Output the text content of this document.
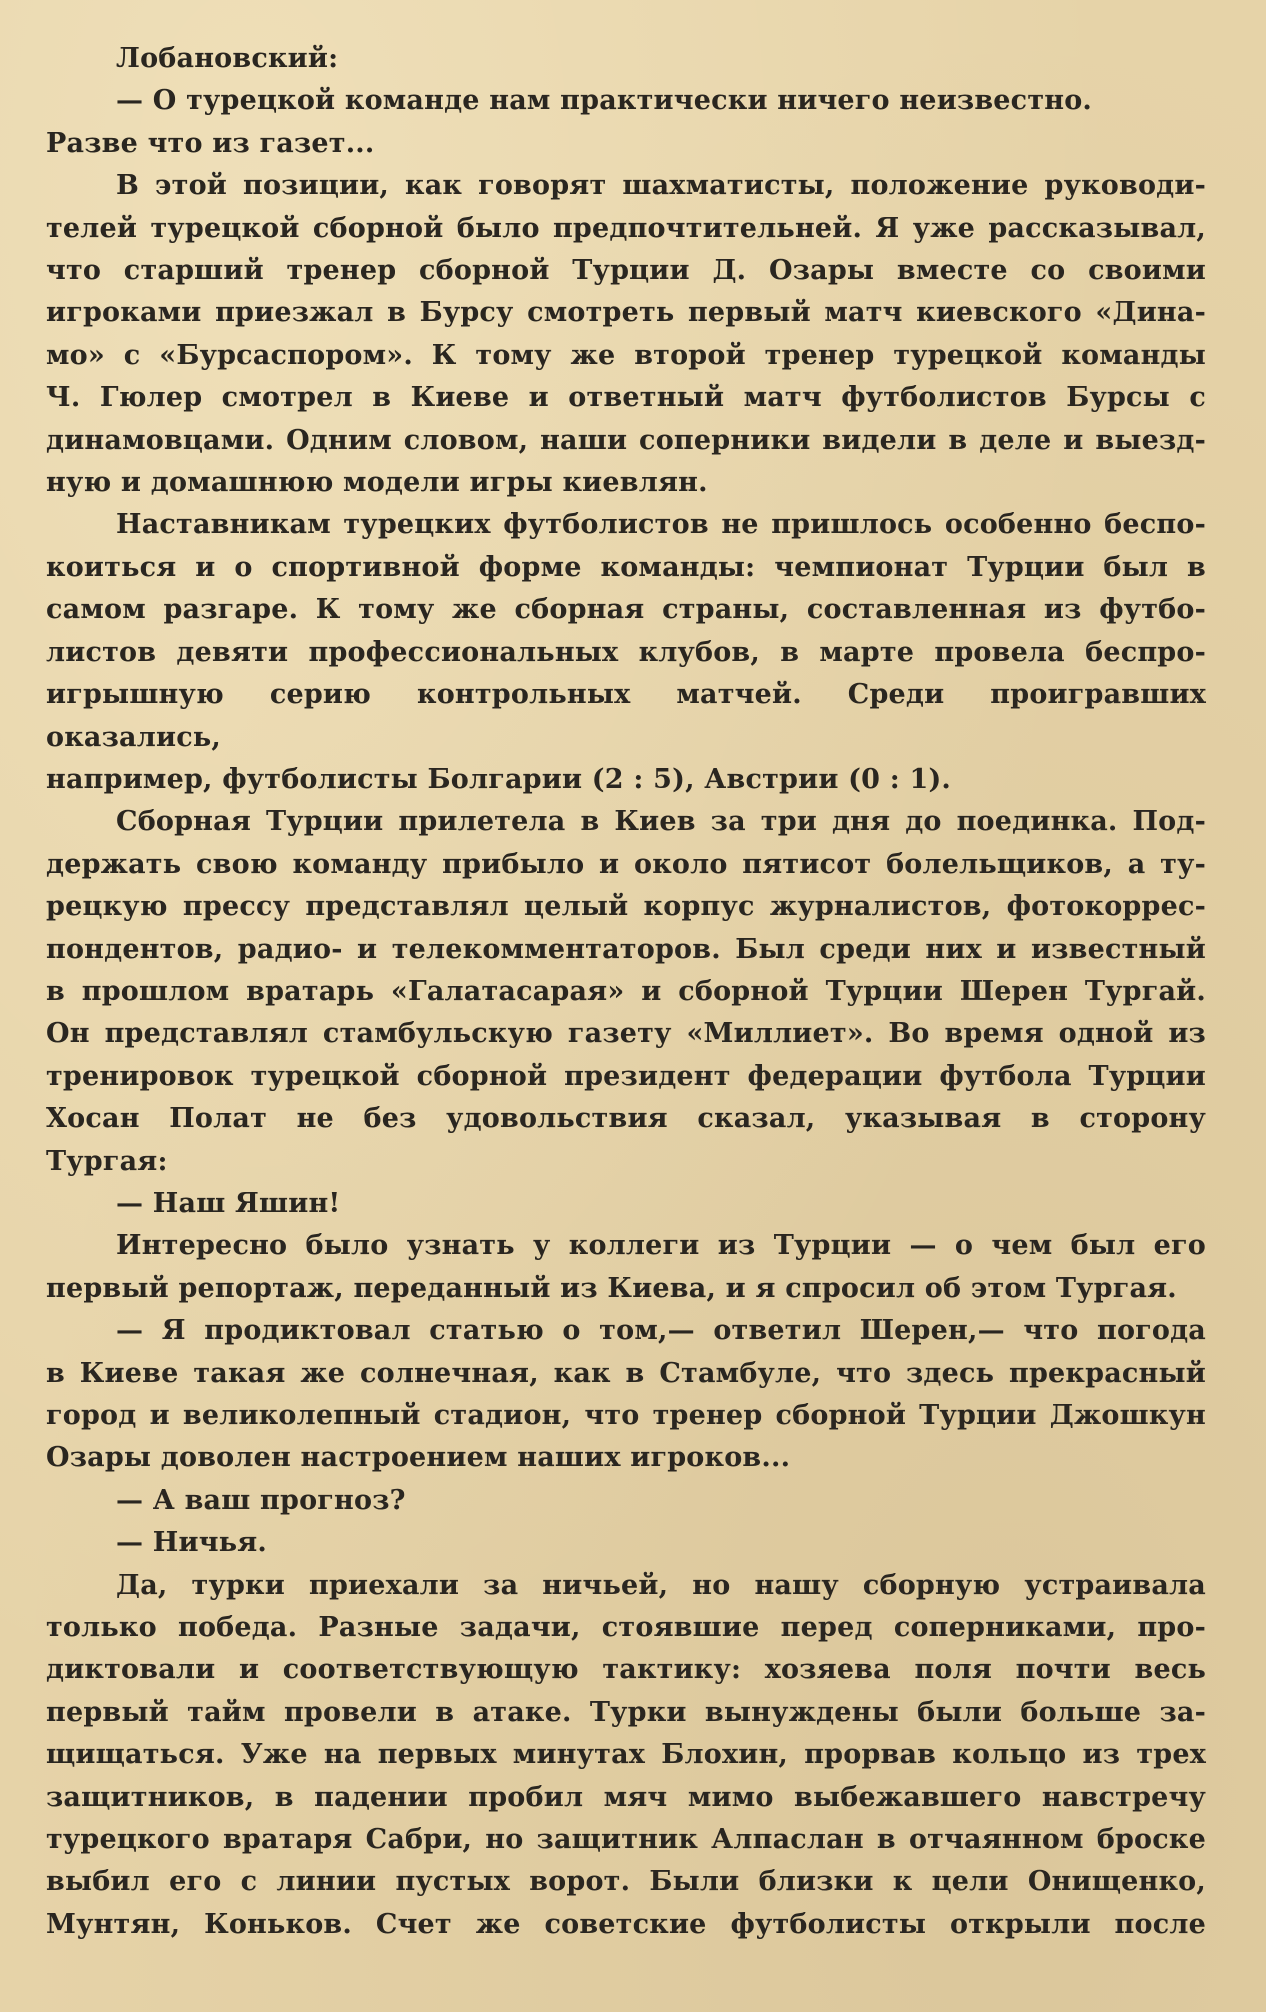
Лобановский:

— О турецкой команде нам практически ничего неизвестно.
Разве что из газет...
В этой позиции, как говорят шахматисты, положение руководи-
телей турецкой сборной было предпочтительней. Я уже рассказывал,
что старший тренер сборной Турции Д. Озары вместе со своими
игроками приезжал в Бурсу смотреть первый матч киевского «Дина-
мо» с «Бурсаспором». К тому же второй тренер турецкой команды
Ч. Гюлер смотрел в Киеве и ответный матч футболистов Бурсы с
динамовцами. Одним словом, наши соперники видели в деле и выезд-
ную и домашнюю модели игры киевлян.
Наставникам турецких футболистов не пришлось особенно беспо-
коиться и о спортивной форме команды: чемпионат Турции был в
самом разгаре. К тому же сборная страны, составленная из футбо-
листов девяти профессиональных клубов, в марте провела беспро-
игрышную серию контрольных матчей. Среди проигравших оказались,
например, футболисты Болгарии (2 : 5), Австрии (0 : 1).
Сборная Турции прилетела в Киев за три дня до поединка. Под-
держать свою команду прибыло и около пятисот болельщиков, а ту-
рецкую прессу представлял целый корпус журналистов, фотокоррес-
пондентов, радио- и телекомментаторов. Был среди них и известный
в прошлом вратарь «Галатасарая» и сборной Турции Шерен Тургай.
Он представлял стамбульскую газету «Миллиет». Во время одной из
тренировок турецкой сборной президент федерации футбола Турции
Хосан Полат не без удовольствия сказал, указывая в сторону
Тургая:

— Наш Яшин!

Интересно было узнать у коллеги из Турции — о чем был его
первый репортаж, переданный из Киева, и я спросил об этом Тургая.
— Я продиктовал статью о том,— ответил Шерен,— что погода
в Киеве такая же солнечная, как в Стамбуле, что здесь прекрасный
город и великолепный стадион, что тренер сборной Турции Джошкун
Озары доволен настроением наших игроков...

— А ваш прогноз?

— Ничья.

Да, турки приехали за ничьей, но нашу сборную устраивала
только победа. Разные задачи, стоявшие перед соперниками, про-
диктовали и соответствующую тактику: хозяева поля почти весь
первый тайм провели в атаке. Турки вынуждены были больше за-
щищаться. Уже на первых минутах Блохин, прорвав кольцо из трех
защитников, в падении пробил мяч мимо выбежавшего навстречу
турецкого вратаря Сабри, но защитник Алпаслан в отчаянном броске
выбил его с линии пустых ворот. Были близки к цели Онищенко,
Мунтян, Коньков. Счет же советские футболисты открыли после
